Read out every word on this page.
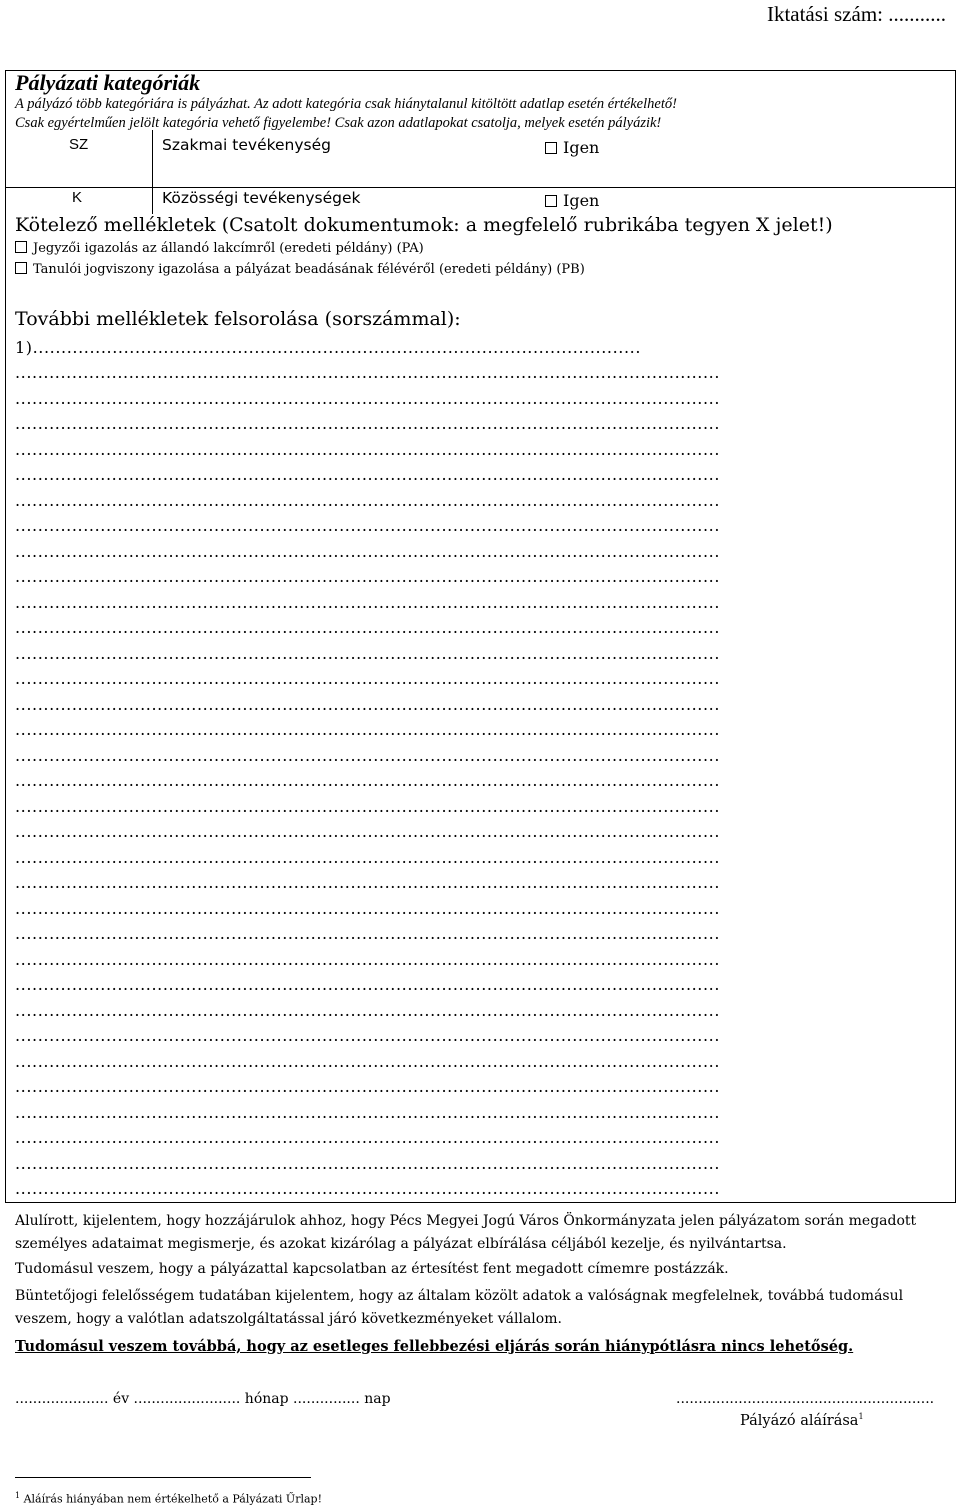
Iktatási szám: ...........
Pályázati kategóriák
A pályázó több kategóriára is pályázhat. Az adott kategória csak hiánytalanul kitöltött adatlap esetén értékelhető!
Csak egyértelműen jelölt kategória vehető figyelembe! Csak azon adatlapokat csatolja, melyek esetén pályázik!
SZ	Szakmai tevékenység	Igen
K	Közösségi tevékenységek	Igen
Kötelező mellékletek (Csatolt dokumentumok: a megfelelő rubrikába tegyen X jelet!)
Jegyzői igazolás az állandó lakcímről (eredeti példány) (PA)
Tanulói jogviszony igazolása a pályázat beadásának félévéről (eredeti példány) (PB)
További mellékletek felsorolása (sorszámmal):
1)...........................................................................................................
............................................................................................................................
............................................................................................................................
............................................................................................................................
............................................................................................................................
............................................................................................................................
............................................................................................................................
............................................................................................................................
............................................................................................................................
............................................................................................................................
............................................................................................................................
............................................................................................................................
............................................................................................................................
............................................................................................................................
............................................................................................................................
............................................................................................................................
............................................................................................................................
............................................................................................................................
............................................................................................................................
............................................................................................................................
............................................................................................................................
............................................................................................................................
............................................................................................................................
............................................................................................................................
............................................................................................................................
............................................................................................................................
............................................................................................................................
............................................................................................................................
............................................................................................................................
............................................................................................................................
............................................................................................................................
............................................................................................................................
............................................................................................................................
............................................................................................................................
Alulírott, kijelentem, hogy hozzájárulok ahhoz, hogy Pécs Megyei Jogú Város Önkormányzata jelen pályázatom során megadott személyes adataimat megismerje, és azokat kizárólag a pályázat elbírálása céljából kezelje, és nyilvántartsa.
Tudomásul veszem, hogy a pályázattal kapcsolatban az értesítést fent megadott címemre postázzák.
Büntetőjogi felelősségem tudatában kijelentem, hogy az általam közölt adatok a valóságnak megfelelnek, továbbá tudomásul veszem, hogy a valótlan adatszolgáltatással járó következményeket vállalom.
Tudomásul veszem továbbá, hogy az esetleges fellebbezési eljárás során hiánypótlásra nincs lehetőség.
..................... év ........................ hónap ............... nap	..........................................................
Pályázó aláírása$^1$
$^1$ Aláírás hiányában nem értékelhető a Pályázati Űrlap!
